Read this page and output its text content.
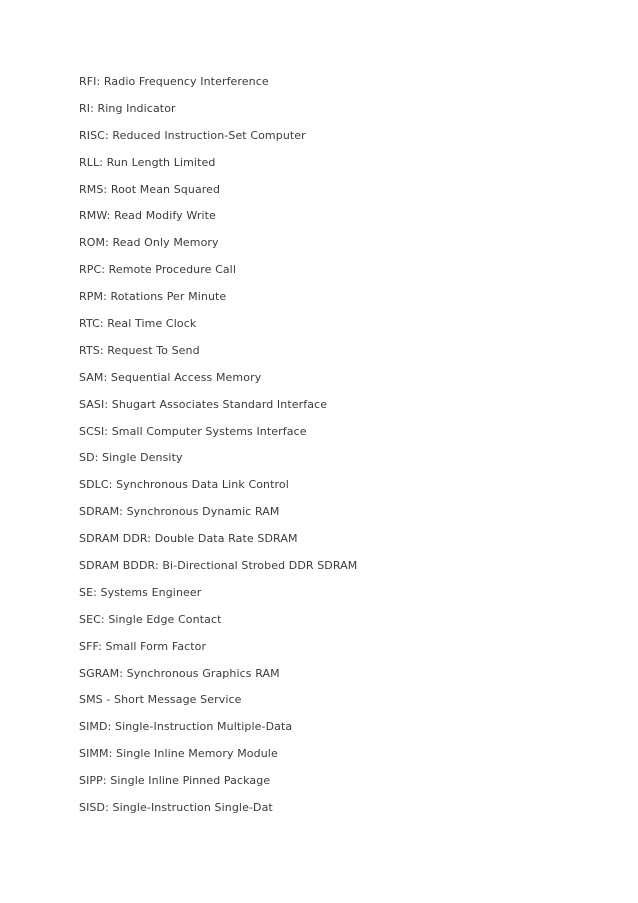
RFI: Radio Frequency Interference
RI: Ring Indicator
RISC: Reduced Instruction-Set Computer
RLL: Run Length Limited
RMS: Root Mean Squared
RMW: Read Modify Write
ROM: Read Only Memory
RPC: Remote Procedure Call
RPM: Rotations Per Minute
RTC: Real Time Clock
RTS: Request To Send
SAM: Sequential Access Memory
SASI: Shugart Associates Standard Interface
SCSI: Small Computer Systems Interface
SD: Single Density
SDLC: Synchronous Data Link Control
SDRAM: Synchronous Dynamic RAM
SDRAM DDR: Double Data Rate SDRAM
SDRAM BDDR: Bi-Directional Strobed DDR SDRAM
SE: Systems Engineer
SEC: Single Edge Contact
SFF: Small Form Factor
SGRAM: Synchronous Graphics RAM
SMS - Short Message Service
SIMD: Single-Instruction Multiple-Data
SIMM: Single Inline Memory Module
SIPP: Single Inline Pinned Package
SISD: Single-Instruction Single-Dat
